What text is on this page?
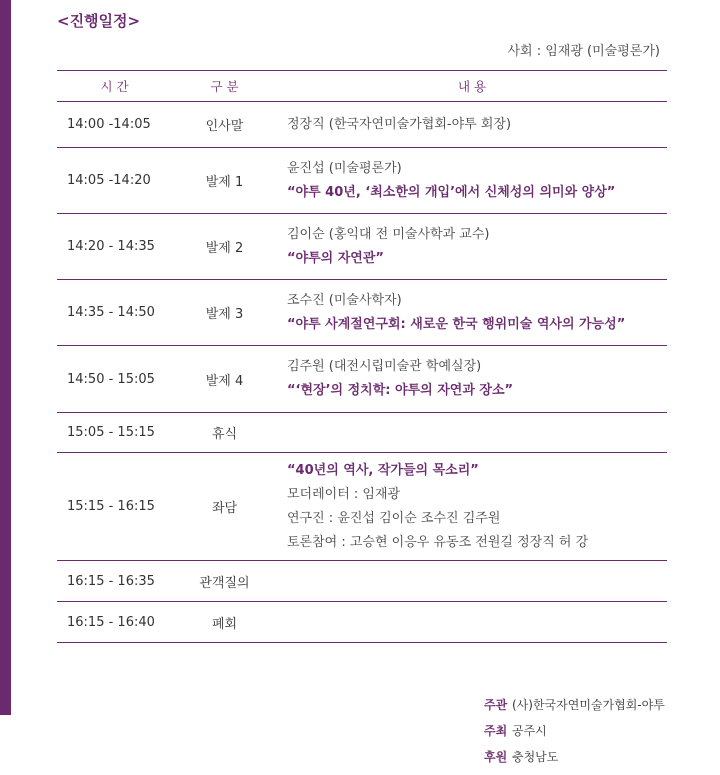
<진행일정>
사회 : 임재광 (미술평론가)
시 간	구 분	내 용
14:00 -14:05	인사말	정장직 (한국자연미술가협회-야투 회장)

14:05 -14:20	발제 1	윤진섭 (미술평론가)
“야투 40년, ‘최소한의 개입’에서 신체성의 의미와 양상”

14:20 - 14:35	발제 2	김이순 (홍익대 전 미술사학과 교수)
“야투의 자연관”

14:35 - 14:50	발제 3	조수진 (미술사학자)
“야투 사계절연구회: 새로운 한국 행위미술 역사의 가능성”

14:50 - 15:05	발제 4	김주원 (대전시립미술관 학예실장)
“‘현장’의 정치학: 야투의 자연과 장소”

15:05 - 15:15	휴식	
15:15 - 16:15	좌담	“40년의 역사, 작가들의 목소리”
모더레이터 : 임재광
연구진 : 윤진섭 김이순 조수진 김주원
토론참여 : 고승현 이응우 유동조 전원길 정장직 허 강

16:15 - 16:35	관객질의	
16:15 - 16:40	폐회	
주관 (사)한국자연미술가협회-야투
주최 공주시
후원 충청남도
